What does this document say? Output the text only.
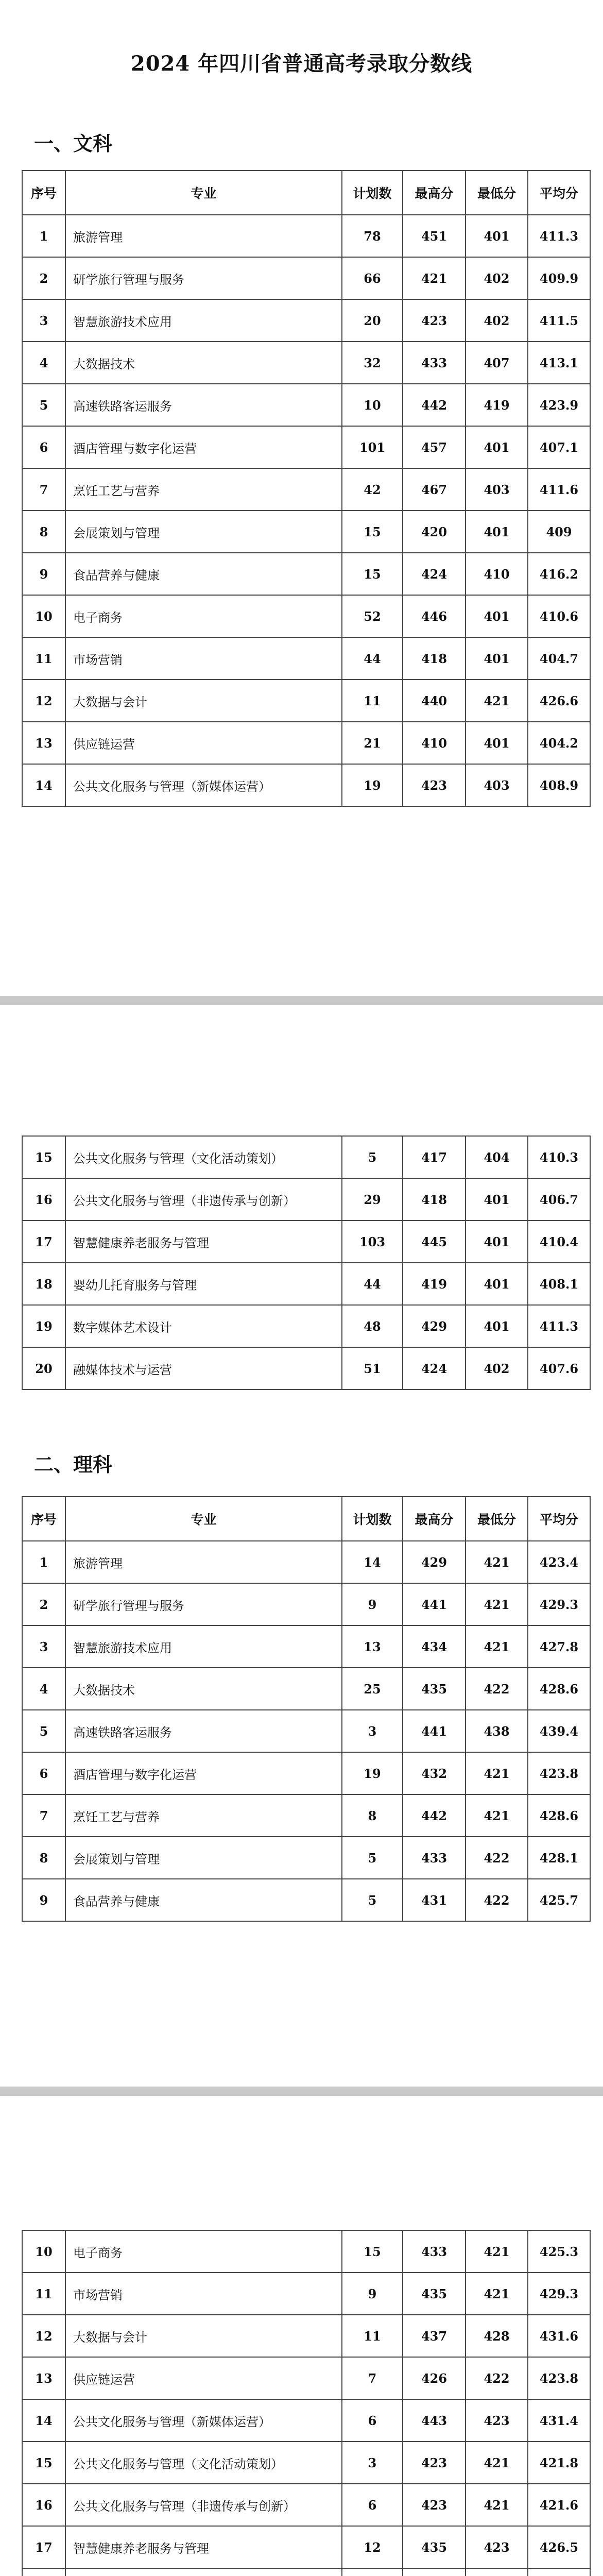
2024 年四川省普通高考录取分数线
一、文科
序号	专业	计划数	最高分	最低分	平均分
1	旅游管理	78	451	401	411.3
2	研学旅行管理与服务	66	421	402	409.9
3	智慧旅游技术应用	20	423	402	411.5
4	大数据技术	32	433	407	413.1
5	高速铁路客运服务	10	442	419	423.9
6	酒店管理与数字化运营	101	457	401	407.1
7	烹饪工艺与营养	42	467	403	411.6
8	会展策划与管理	15	420	401	409
9	食品营养与健康	15	424	410	416.2
10	电子商务	52	446	401	410.6
11	市场营销	44	418	401	404.7
12	大数据与会计	11	440	421	426.6
13	供应链运营	21	410	401	404.2
14	公共文化服务与管理（新媒体运营）	19	423	403	408.9
15	公共文化服务与管理（文化活动策划）	5	417	404	410.3
16	公共文化服务与管理（非遗传承与创新）	29	418	401	406.7
17	智慧健康养老服务与管理	103	445	401	410.4
18	婴幼儿托育服务与管理	44	419	401	408.1
19	数字媒体艺术设计	48	429	401	411.3
20	融媒体技术与运营	51	424	402	407.6
二、理科
序号	专业	计划数	最高分	最低分	平均分
1	旅游管理	14	429	421	423.4
2	研学旅行管理与服务	9	441	421	429.3
3	智慧旅游技术应用	13	434	421	427.8
4	大数据技术	25	435	422	428.6
5	高速铁路客运服务	3	441	438	439.4
6	酒店管理与数字化运营	19	432	421	423.8
7	烹饪工艺与营养	8	442	421	428.6
8	会展策划与管理	5	433	422	428.1
9	食品营养与健康	5	431	422	425.7
10	电子商务	15	433	421	425.3
11	市场营销	9	435	421	429.3
12	大数据与会计	11	437	428	431.6
13	供应链运营	7	426	422	423.8
14	公共文化服务与管理（新媒体运营）	6	443	423	431.4
15	公共文化服务与管理（文化活动策划）	3	423	421	421.8
16	公共文化服务与管理（非遗传承与创新）	6	423	421	421.6
17	智慧健康养老服务与管理	12	435	423	426.5
